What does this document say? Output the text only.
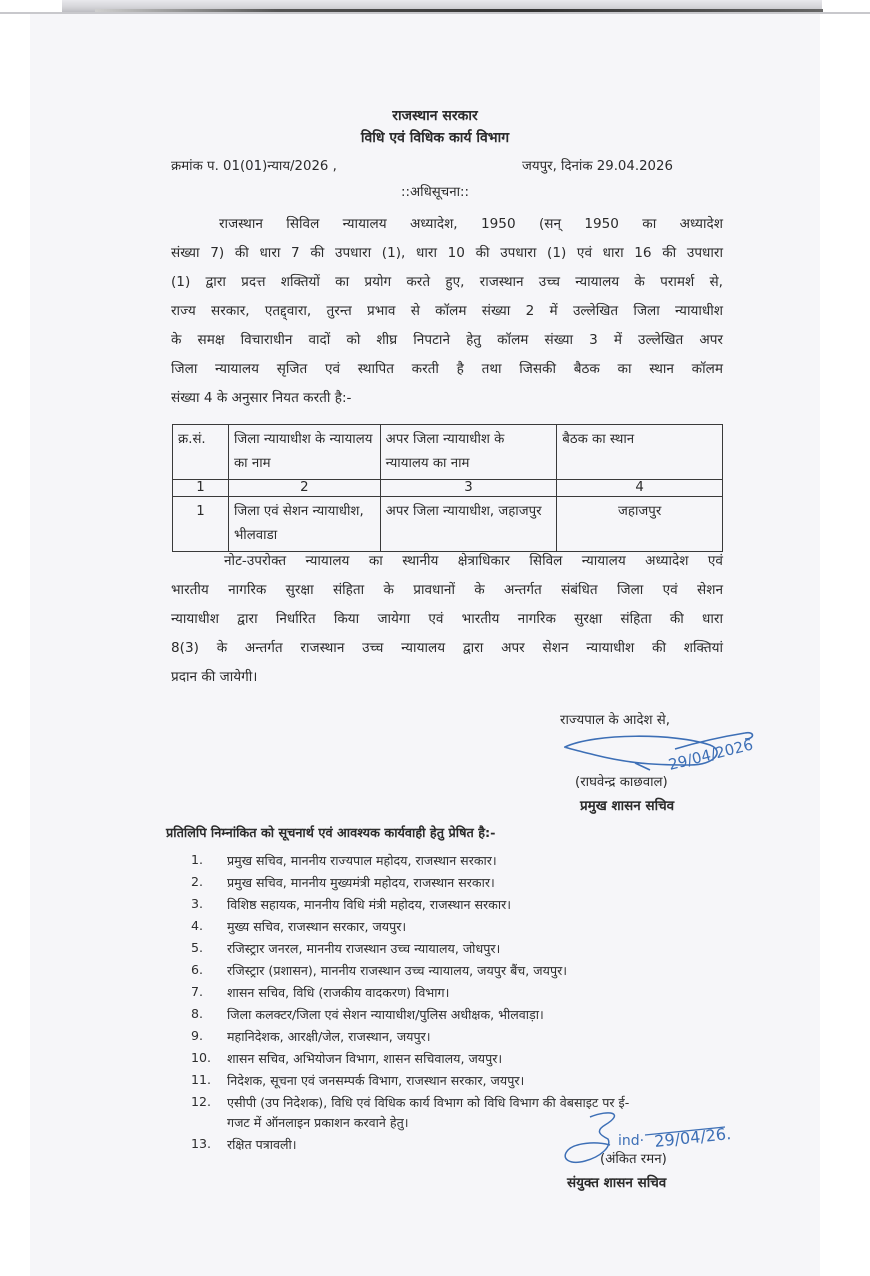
राजस्थान सरकार
विधि एवं विधिक कार्य विभाग
क्रमांक प. 01(01)न्याय/2026 ,	जयपुर, दिनांक 29.04.2026
::अधिसूचना::
राजस्थान सिविल न्यायालय अध्यादेश, 1950 (सन् 1950 का अध्यादेश
संख्या 7) की धारा 7 की उपधारा (1), धारा 10 की उपधारा (1) एवं धारा 16 की उपधारा
(1) द्वारा प्रदत्त शक्तियों का प्रयोग करते हुए, राजस्थान उच्च न्यायालय के परामर्श से,
राज्य सरकार, एतद्द्वारा, तुरन्त प्रभाव से कॉलम संख्या 2 में उल्लेखित जिला न्यायाधीश
के समक्ष विचाराधीन वादों को शीघ्र निपटाने हेतु कॉलम संख्या 3 में उल्लेखित अपर
जिला न्यायालय सृजित एवं स्थापित करती है तथा जिसकी बैठक का स्थान कॉलम
संख्या 4 के अनुसार नियत करती है:-
क्र.सं.	जिला न्यायाधीश के न्यायालय का नाम	अपर जिला न्यायाधीश के न्यायालय का नाम	बैठक का स्थान
1	2	3	4
1	जिला एवं सेशन न्यायाधीश, भीलवाडा	अपर जिला न्यायाधीश, जहाजपुर	जहाजपुर
नोट-उपरोक्त न्यायालय का स्थानीय क्षेत्राधिकार सिविल न्यायालय अध्यादेश एवं
भारतीय नागरिक सुरक्षा संहिता के प्रावधानों के अन्तर्गत संबंधित जिला एवं सेशन
न्यायाधीश द्वारा निर्धारित किया जायेगा एवं भारतीय नागरिक सुरक्षा संहिता की धारा
8(3) के अन्तर्गत राजस्थान उच्च न्यायालय द्वारा अपर सेशन न्यायाधीश की शक्तियां
प्रदान की जायेगी।
राज्यपाल के आदेश से,
29/04/2026
(राघवेन्द्र काछवाल)
प्रमुख शासन सचिव
प्रतिलिपि निम्नांकित को सूचनार्थ एवं आवश्यक कार्यवाही हेतु प्रेषित है:-
1. प्रमुख सचिव, माननीय राज्यपाल महोदय, राजस्थान सरकार।
2. प्रमुख सचिव, माननीय मुख्यमंत्री महोदय, राजस्थान सरकार।
3. विशिष्ठ सहायक, माननीय विधि मंत्री महोदय, राजस्थान सरकार।
4. मुख्य सचिव, राजस्थान सरकार, जयपुर।
5. रजिस्ट्रार जनरल, माननीय राजस्थान उच्च न्यायालय, जोधपुर।
6. रजिस्ट्रार (प्रशासन), माननीय राजस्थान उच्च न्यायालय, जयपुर बैंच, जयपुर।
7. शासन सचिव, विधि (राजकीय वादकरण) विभाग।
8. जिला कलक्टर/जिला एवं सेशन न्यायाधीश/पुलिस अधीक्षक, भीलवाड़ा।
9. महानिदेशक, आरक्षी/जेल, राजस्थान, जयपुर।
10. शासन सचिव, अभियोजन विभाग, शासन सचिवालय, जयपुर।
11. निदेशक, सूचना एवं जनसम्पर्क विभाग, राजस्थान सरकार, जयपुर।
12. एसीपी (उप निदेशक), विधि एवं विधिक कार्य विभाग को विधि विभाग की वेबसाइट पर ई-
गजट में ऑनलाइन प्रकाशन करवाने हेतु।
13. रक्षित पत्रावली।	ind· 29/04/26.
(अंकित रमन)
संयुक्त शासन सचिव
